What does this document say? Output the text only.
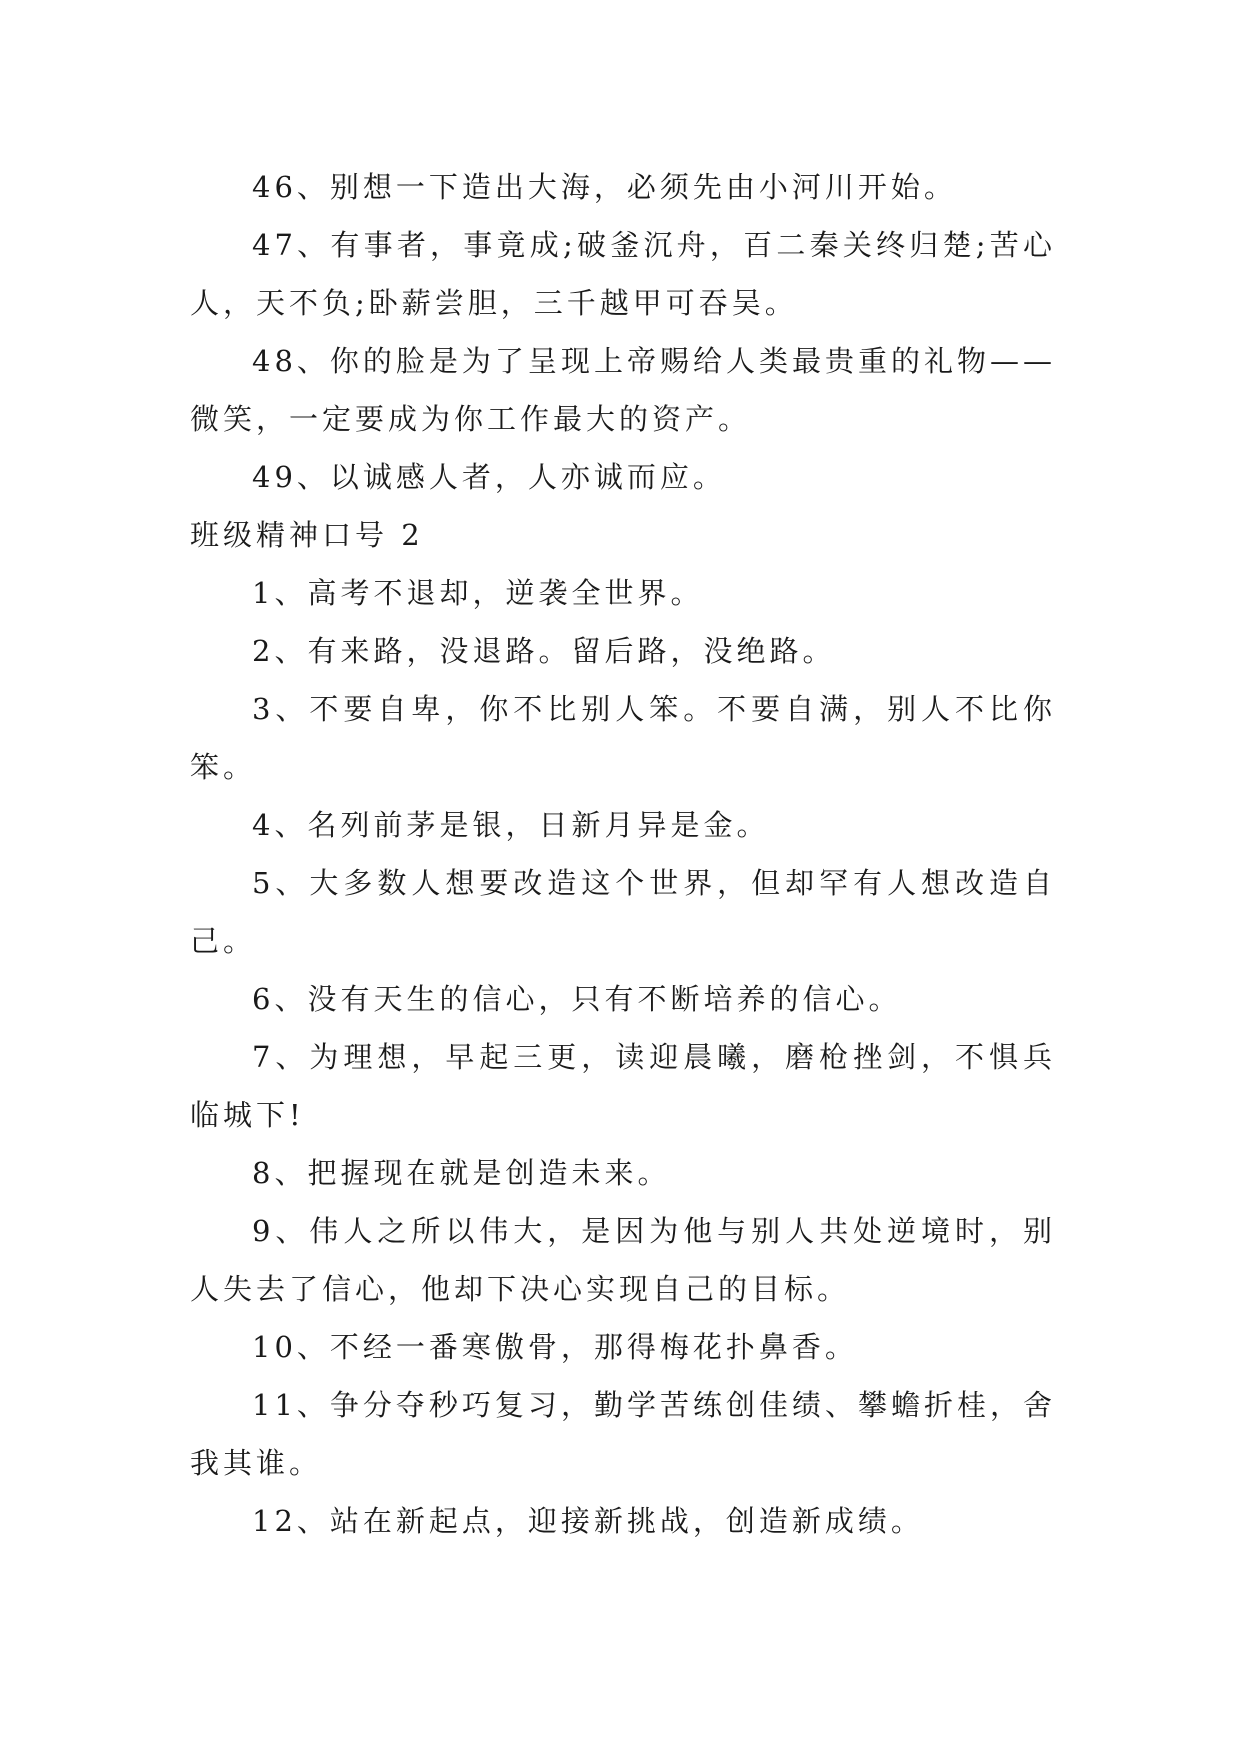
46、别想一下造出大海，必须先由小河川开始。

47、有事者，事竟成;破釜沉舟，百二秦关终归楚;苦心人，天不负;卧薪尝胆，三千越甲可吞吴。

48、你的脸是为了呈现上帝赐给人类最贵重的礼物——微笑，一定要成为你工作最大的资产。

49、以诚感人者，人亦诚而应。

班级精神口号 2

1、高考不退却，逆袭全世界。

2、有来路，没退路。留后路，没绝路。

3、不要自卑，你不比别人笨。不要自满，别人不比你笨。

4、名列前茅是银，日新月异是金。

5、大多数人想要改造这个世界，但却罕有人想改造自己。

6、没有天生的信心，只有不断培养的信心。

7、为理想，早起三更，读迎晨曦，磨枪挫剑，不惧兵临城下!

8、把握现在就是创造未来。

9、伟人之所以伟大，是因为他与别人共处逆境时，别人失去了信心，他却下决心实现自己的目标。

10、不经一番寒傲骨，那得梅花扑鼻香。

11、争分夺秒巧复习，勤学苦练创佳绩、攀蟾折桂，舍我其谁。

12、站在新起点，迎接新挑战，创造新成绩。
